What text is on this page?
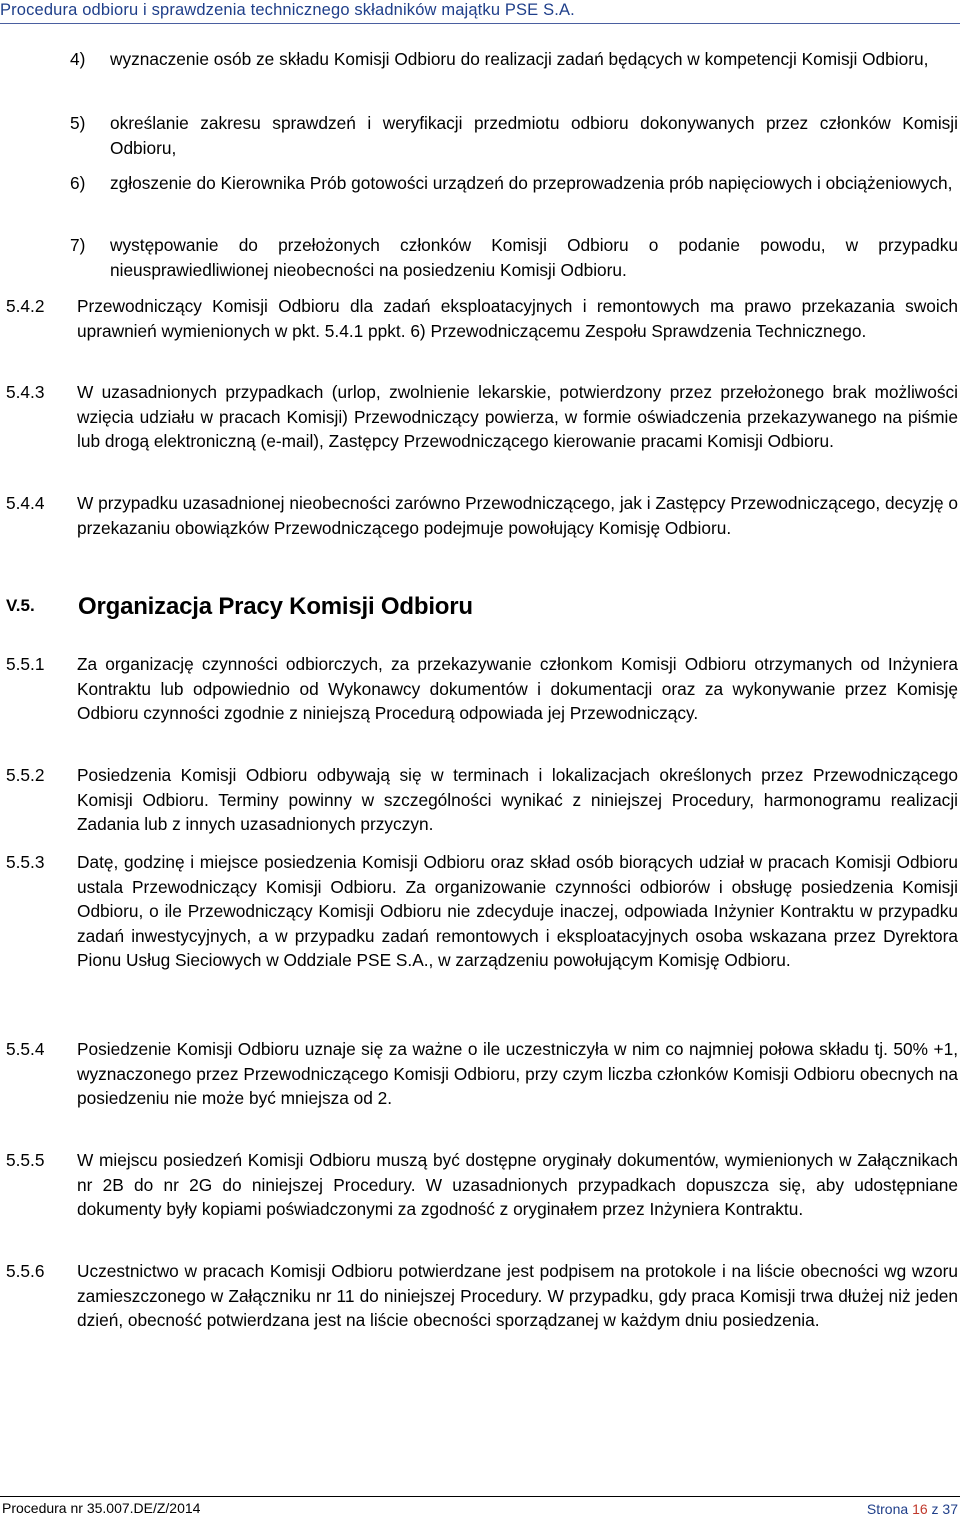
Procedura odbioru i sprawdzenia technicznego składników majątku PSE S.A.
4) wyznaczenie osób ze składu Komisji Odbioru do realizacji zadań będących w kompetencji Komisji Odbioru,
5) określanie zakresu sprawdzeń i weryfikacji przedmiotu odbioru dokonywanych przez członków Komisji Odbioru,
6) zgłoszenie do Kierownika Prób gotowości urządzeń do przeprowadzenia prób napięciowych i obciążeniowych,
7) występowanie do przełożonych członków Komisji Odbioru o podanie powodu, w przypadku nieusprawiedliwionej nieobecności na posiedzeniu Komisji Odbioru.
5.4.2 Przewodniczący Komisji Odbioru dla zadań eksploatacyjnych i remontowych ma prawo przekazania swoich uprawnień wymienionych w pkt. 5.4.1 ppkt. 6) Przewodniczącemu Zespołu Sprawdzenia Technicznego.
5.4.3 W uzasadnionych przypadkach (urlop, zwolnienie lekarskie, potwierdzony przez przełożonego brak możliwości wzięcia udziału w pracach Komisji) Przewodniczący powierza, w formie oświadczenia przekazywanego na piśmie lub drogą elektroniczną (e-mail), Zastępcy Przewodniczącego kierowanie pracami Komisji Odbioru.
5.4.4 W przypadku uzasadnionej nieobecności zarówno Przewodniczącego, jak i Zastępcy Przewodniczącego, decyzję o przekazaniu obowiązków Przewodniczącego podejmuje powołujący Komisję Odbioru.
V.5. Organizacja Pracy Komisji Odbioru
5.5.1 Za organizację czynności odbiorczych, za przekazywanie członkom Komisji Odbioru otrzymanych od Inżyniera Kontraktu lub odpowiednio od Wykonawcy dokumentów i dokumentacji oraz za wykonywanie przez Komisję Odbioru czynności zgodnie z niniejszą Procedurą odpowiada jej Przewodniczący.
5.5.2 Posiedzenia Komisji Odbioru odbywają się w terminach i lokalizacjach określonych przez Przewodniczącego Komisji Odbioru. Terminy powinny w szczególności wynikać z niniejszej Procedury, harmonogramu realizacji Zadania lub z innych uzasadnionych przyczyn.
5.5.3 Datę, godzinę i miejsce posiedzenia Komisji Odbioru oraz skład osób biorących udział w pracach Komisji Odbioru ustala Przewodniczący Komisji Odbioru. Za organizowanie czynności odbiorów i obsługę posiedzenia Komisji Odbioru, o ile Przewodniczący Komisji Odbioru nie zdecyduje inaczej, odpowiada Inżynier Kontraktu w przypadku zadań inwestycyjnych, a w przypadku zadań remontowych i eksploatacyjnych osoba wskazana przez Dyrektora Pionu Usług Sieciowych w Oddziale PSE S.A., w zarządzeniu powołującym Komisję Odbioru.
5.5.4 Posiedzenie Komisji Odbioru uznaje się za ważne o ile uczestniczyła w nim co najmniej połowa składu tj. 50% +1, wyznaczonego przez Przewodniczącego Komisji Odbioru, przy czym liczba członków Komisji Odbioru obecnych na posiedzeniu nie może być mniejsza od 2.
5.5.5 W miejscu posiedzeń Komisji Odbioru muszą być dostępne oryginały dokumentów, wymienionych w Załącznikach nr 2B do nr 2G do niniejszej Procedury. W uzasadnionych przypadkach dopuszcza się, aby udostępniane dokumenty były kopiami poświadczonymi za zgodność z oryginałem przez Inżyniera Kontraktu.
5.5.6 Uczestnictwo w pracach Komisji Odbioru potwierdzane jest podpisem na protokole i na liście obecności wg wzoru zamieszczonego w Załączniku nr 11 do niniejszej Procedury. W przypadku, gdy praca Komisji trwa dłużej niż jeden dzień, obecność potwierdzana jest na liście obecności sporządzanej w każdym dniu posiedzenia.
Procedura nr 35.007.DE/Z/2014	Strona 16 z 37
